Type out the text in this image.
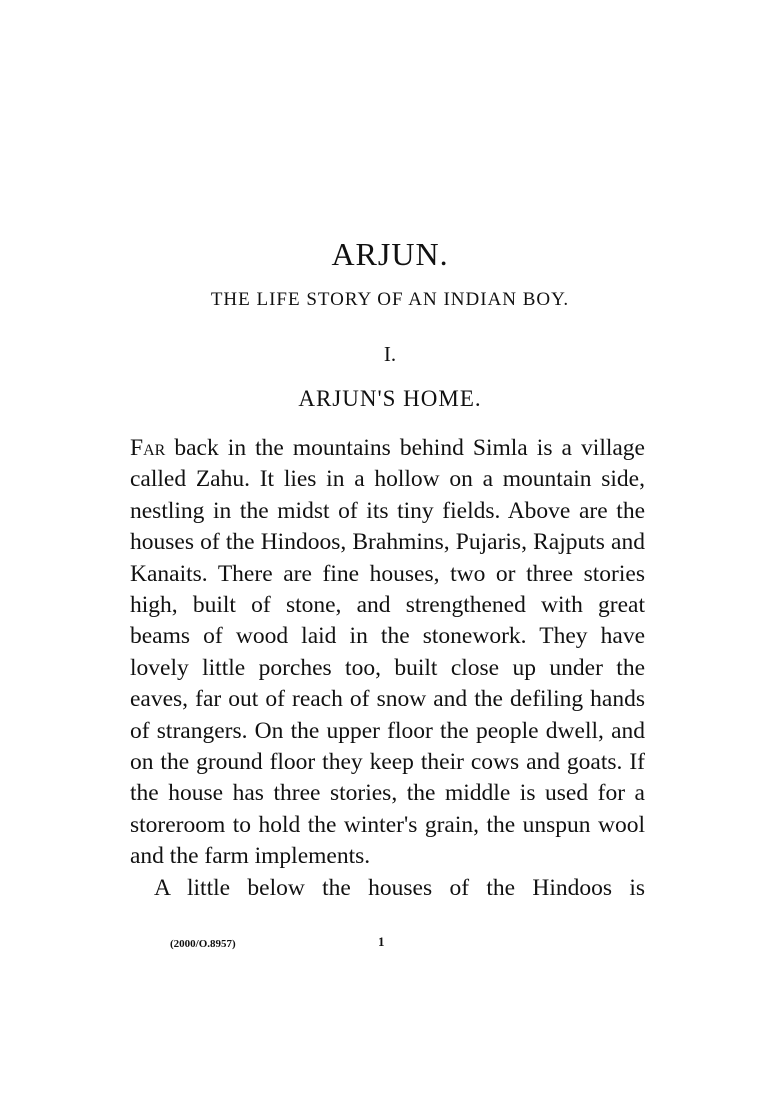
ARJUN.
THE LIFE STORY OF AN INDIAN BOY.
I.
ARJUN'S HOME.

Far back in the mountains behind Simla is a village called Zahu. It lies in a hollow on a mountain side, nestling in the midst of its tiny fields. Above are the houses of the Hindoos, Brahmins, Pujaris, Rajputs and Kanaits. There are fine houses, two or three stories high, built of stone, and strengthened with great beams of wood laid in the stonework. They have lovely little porches too, built close up under the eaves, far out of reach of snow and the defiling hands of strangers. On the upper floor the people dwell, and on the ground floor they keep their cows and goats. If the house has three stories, the middle is used for a storeroom to hold the winter's grain, the unspun wool and the farm implements.

A little below the houses of the Hindoos is

(2000/O.8957)	1
